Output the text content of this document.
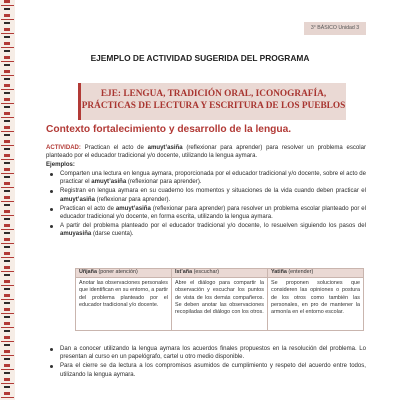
3° BÁSICO Unidad 3
EJEMPLO DE ACTIVIDAD SUGERIDA DEL PROGRAMA
EJE: LENGUA, TRADICIÓN ORAL, ICONOGRAFÍA,
PRÁCTICAS DE LECTURA Y ESCRITURA DE LOS PUEBLOS
Contexto fortalecimiento y desarrollo de la lengua.
ACTIVIDAD: Practican el acto de amuyt’asiña (reflexionar para aprender) para resolver un problema escolar planteado por el educador tradicional y/o docente, utilizando la lengua aymara.
Ejemplos:
Comparten una lectura en lengua aymara, proporcionada por el educador tradicional y/o docente, sobre el acto de practicar el amuyt’asiña (reflexionar para aprender).
Registran en lengua aymara en su cuaderno los momentos y situaciones de la vida cuando deben practicar el amuyt’asiña (reflexionar para aprender).
Practican el acto de amuyt’asiña (reflexionar para aprender) para resolver un problema escolar planteado por el educador tradicional y/o docente, en forma escrita, utilizando la lengua aymara.
A partir del problema planteado por el educador tradicional y/o docente, lo resuelven siguiendo los pasos del amuyasiña (darse cuenta).
Uñjaña (poner atención)	Ist’aña (escuchar)	Yatiña (entender)
Anotar las observaciones personales que identifican en su entorno, a partir del problema planteado por el educador tradicional y/o docente.	Abre el diálogo para compartir la observación y escuchar los puntos de vista de los demás compañeros. Se deben anotar las observaciones recopiladas del diálogo con los otros.	Se proponen soluciones que consideren las opiniones o postura de los otros como también las personales, en pro de mantener la armonía en el entorno escolar.
Dan a conocer utilizando la lengua aymara los acuerdos finales propuestos en la resolución del problema. Lo presentan al curso en un papelógrafo, cartel u otro medio disponible.
Para el cierre se da lectura a los compromisos asumidos de cumplimiento y respeto del acuerdo entre todos, utilizando la lengua aymara.
